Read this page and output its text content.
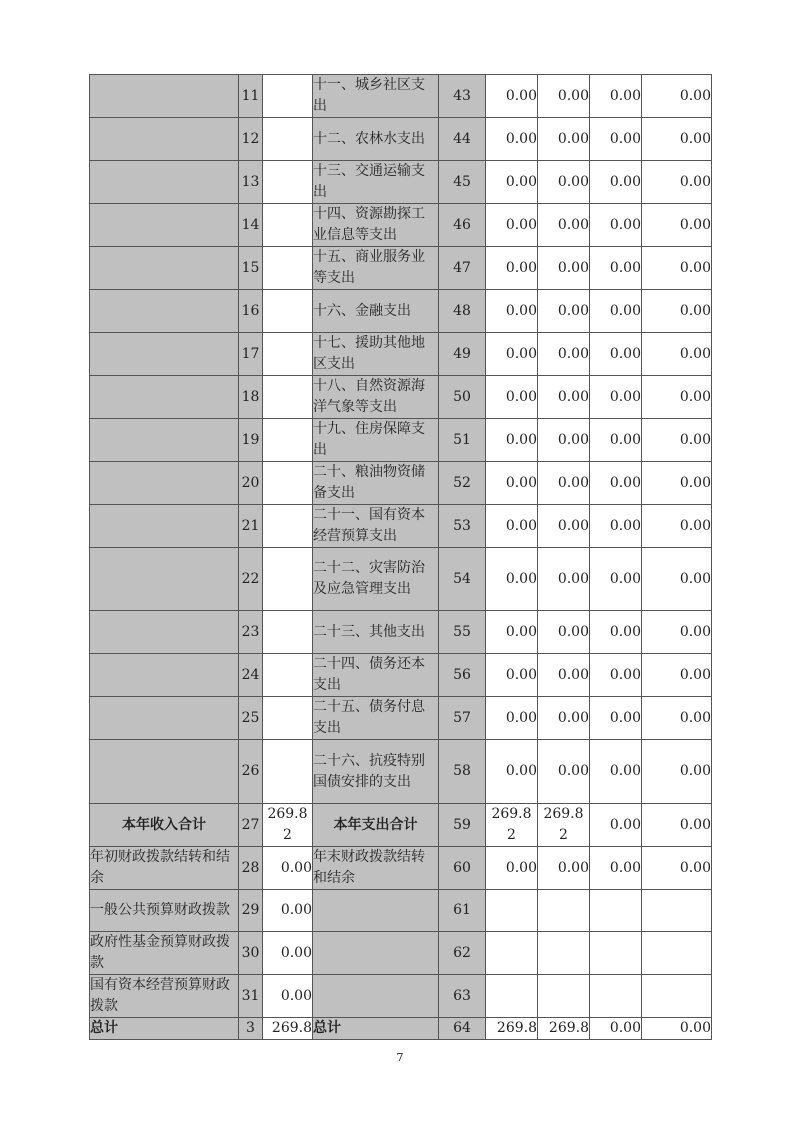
	11		十一、城乡社区支出	43	0.00	0.00	0.00	0.00
	12		十二、农林水支出	44	0.00	0.00	0.00	0.00
	13		十三、交通运输支出	45	0.00	0.00	0.00	0.00
	14		十四、资源勘探工业信息等支出	46	0.00	0.00	0.00	0.00
	15		十五、商业服务业等支出	47	0.00	0.00	0.00	0.00
	16		十六、金融支出	48	0.00	0.00	0.00	0.00
	17		十七、援助其他地区支出	49	0.00	0.00	0.00	0.00
	18		十八、自然资源海洋气象等支出	50	0.00	0.00	0.00	0.00
	19		十九、住房保障支出	51	0.00	0.00	0.00	0.00
	20		二十、粮油物资储备支出	52	0.00	0.00	0.00	0.00
	21		二十一、国有资本经营预算支出	53	0.00	0.00	0.00	0.00
	22		二十二、灾害防治及应急管理支出	54	0.00	0.00	0.00	0.00
	23		二十三、其他支出	55	0.00	0.00	0.00	0.00
	24		二十四、债务还本支出	56	0.00	0.00	0.00	0.00
	25		二十五、债务付息支出	57	0.00	0.00	0.00	0.00
	26		二十六、抗疫特别国债安排的支出	58	0.00	0.00	0.00	0.00
本年收入合计	27	269.82	本年支出合计	59	269.82	269.82	0.00	0.00
年初财政拨款结转和结余	28	0.00	年末财政拨款结转和结余	60	0.00	0.00	0.00	0.00
一般公共预算财政拨款	29	0.00		61				
政府性基金预算财政拨款	30	0.00		62				
国有资本经营预算财政拨款	31	0.00		63				
总计	3	269.8	总计	64	269.8	269.8	0.00	0.00
7
